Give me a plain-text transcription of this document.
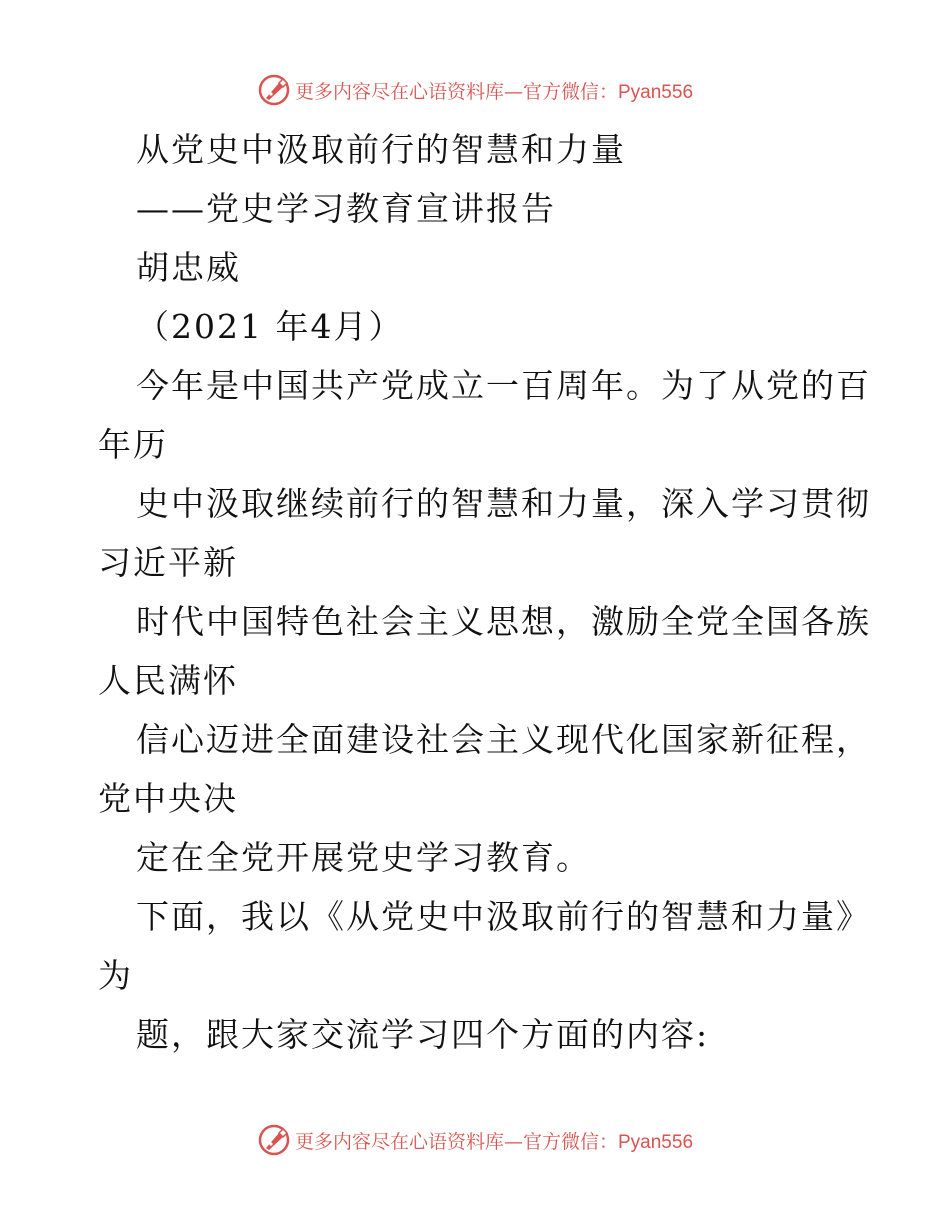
更多内容尽在心语资料库—官方微信：Pyan556
从党史中汲取前行的智慧和力量
——党史学习教育宣讲报告
胡忠威
（2021 年4月）
今年是中国共产党成立一百周年。为了从党的百
年历
史中汲取继续前行的智慧和力量，深入学习贯彻
习近平新
时代中国特色社会主义思想，激励全党全国各族
人民满怀
信心迈进全面建设社会主义现代化国家新征程，
党中央决
定在全党开展党史学习教育。
下面，我以《从党史中汲取前行的智慧和力量》
为
题，跟大家交流学习四个方面的内容:
更多内容尽在心语资料库—官方微信：Pyan556
